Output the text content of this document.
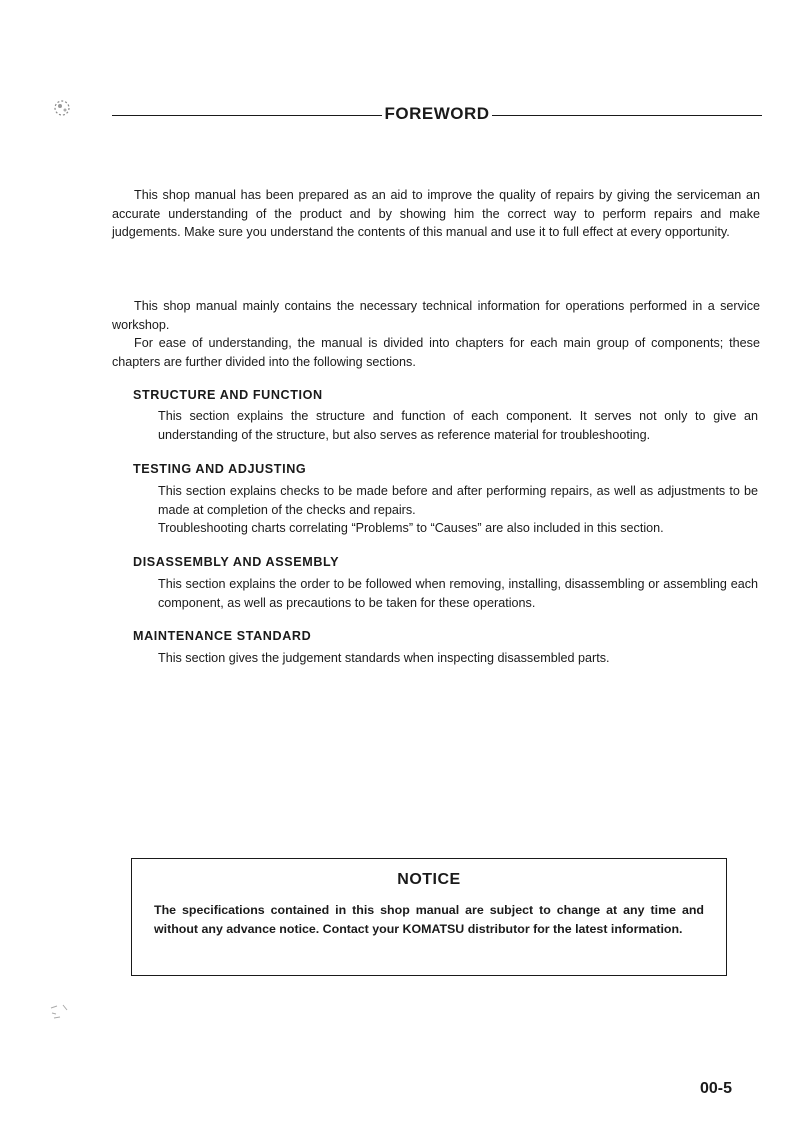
FOREWORD

This shop manual has been prepared as an aid to improve the quality of repairs by giving the serviceman an accurate understanding of the product and by showing him the correct way to perform repairs and make judgements. Make sure you understand the contents of this manual and use it to full effect at every opportunity.

This shop manual mainly contains the necessary technical information for operations performed in a service workshop.

For ease of understanding, the manual is divided into chapters for each main group of components; these chapters are further divided into the following sections.

STRUCTURE AND FUNCTION

This section explains the structure and function of each component. It serves not only to give an understanding of the structure, but also serves as reference material for troubleshooting.

TESTING AND ADJUSTING

This section explains checks to be made before and after performing repairs, as well as adjustments to be made at completion of the checks and repairs.

Troubleshooting charts correlating “Problems” to “Causes” are also included in this section.

DISASSEMBLY AND ASSEMBLY

This section explains the order to be followed when removing, installing, disassembling or assembling each component, as well as precautions to be taken for these operations.

MAINTENANCE STANDARD

This section gives the judgement standards when inspecting disassembled parts.

NOTICE
The specifications contained in this shop manual are subject to change at any time and without any advance notice. Contact your KOMATSU distributor for the latest information.
00-5
